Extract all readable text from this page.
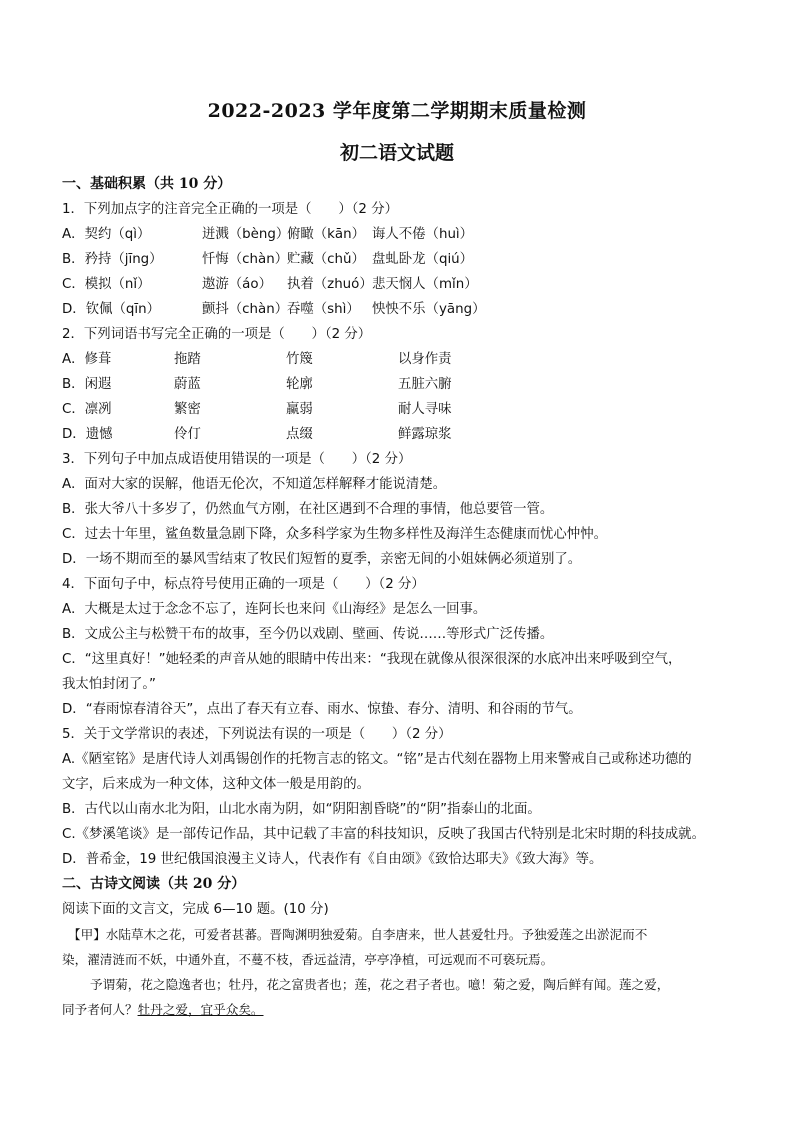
2022-2023 学年度第二学期期末质量检测
初二语文试题
一、基础积累（共 10 分）
1．下列加点字的注音完全正确的一项是（　　）（2 分）
A．契约（qì）	迸溅（bèng）俯瞰（kān） 诲人不倦（huì）
B．矜持（jīng）	忏悔（chàn）贮藏（chǔ） 盘虬卧龙（qiú）
C．模拟（nǐ）	遨游（áo） 执着（zhuó）悲天悯人（mǐn）
D．钦佩（qīn）	颤抖（chàn）吞噬（shì） 怏怏不乐（yāng）
2．下列词语书写完全正确的一项是（　　）（2 分）
A．修葺	拖踏	竹篾	以身作责
B．闲遐	蔚蓝	轮廓	五脏六腑
C．凛冽	繁密	赢弱	耐人寻味
D．遗憾	伶仃	点缀	鲜露琼浆
3．下列句子中加点成语使用错误的一项是（　　）（2 分）
A．面对大家的误解，他语无伦次，不知道怎样解释才能说清楚。
B．张大爷八十多岁了，仍然血气方刚，在社区遇到不合理的事情，他总要管一管。
C．过去十年里，鲨鱼数量急剧下降，众多科学家为生物多样性及海洋生态健康而忧心忡忡。
D．一场不期而至的暴风雪结束了牧民们短暂的夏季，亲密无间的小姐妹俩必须道别了。
4．下面句子中，标点符号使用正确的一项是（　　）（2 分）
A．大概是太过于念念不忘了，连阿长也来问《山海经》是怎么一回事。
B．文成公主与松赞干布的故事，至今仍以戏剧、壁画、传说……等形式广泛传播。
C．“这里真好！”她轻柔的声音从她的眼睛中传出来：“我现在就像从很深很深的水底冲出来呼吸到空气，
我太怕封闭了。”
D．“春雨惊春清谷天”，点出了春天有立春、雨水、惊蛰、春分、清明、和谷雨的节气。
5．关于文学常识的表述，下列说法有误的一项是（　　）（2 分）
A.《陋室铭》是唐代诗人刘禹锡创作的托物言志的铭文。“铭”是古代刻在器物上用来警戒自己或称述功德的
文字，后来成为一种文体，这种文体一般是用韵的。
B．古代以山南水北为阳，山北水南为阴，如“阴阳割昏晓”的“阴”指泰山的北面。
C.《梦溪笔谈》是一部传记作品，其中记载了丰富的科技知识，反映了我国古代特别是北宋时期的科技成就。
D．普希金，19 世纪俄国浪漫主义诗人，代表作有《自由颂》《致恰达耶夫》《致大海》等。
二、古诗文阅读（共 20 分）
阅读下面的文言文，完成 6—10 题。(10 分)
【甲】水陆草木之花，可爱者甚蕃。晋陶渊明独爱菊。自李唐来，世人甚爱牡丹。予独爱莲之出淤泥而不
染，濯清涟而不妖，中通外直，不蔓不枝，香远益清，亭亭净植，可远观而不可亵玩焉。
予谓菊，花之隐逸者也；牡丹，花之富贵者也；莲，花之君子者也。噫！菊之爱，陶后鲜有闻。莲之爱，
同予者何人？牡丹之爱，宜乎众矣。
